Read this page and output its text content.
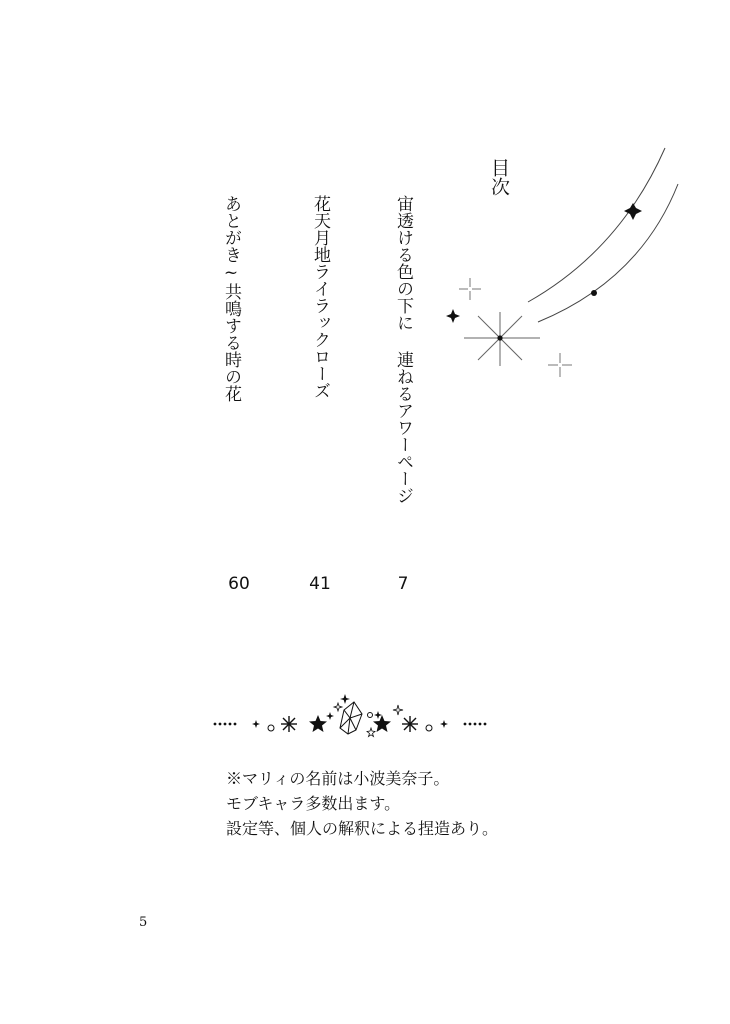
目次
宙透ける色の下に 連ねるアワーページ
花天月地ライラックローズ
あとがき~共鳴する時の花
7
41
60
※マリィの名前は小波美奈子。
モブキャラ多数出ます。
設定等、個人の解釈による捏造あり。
5
